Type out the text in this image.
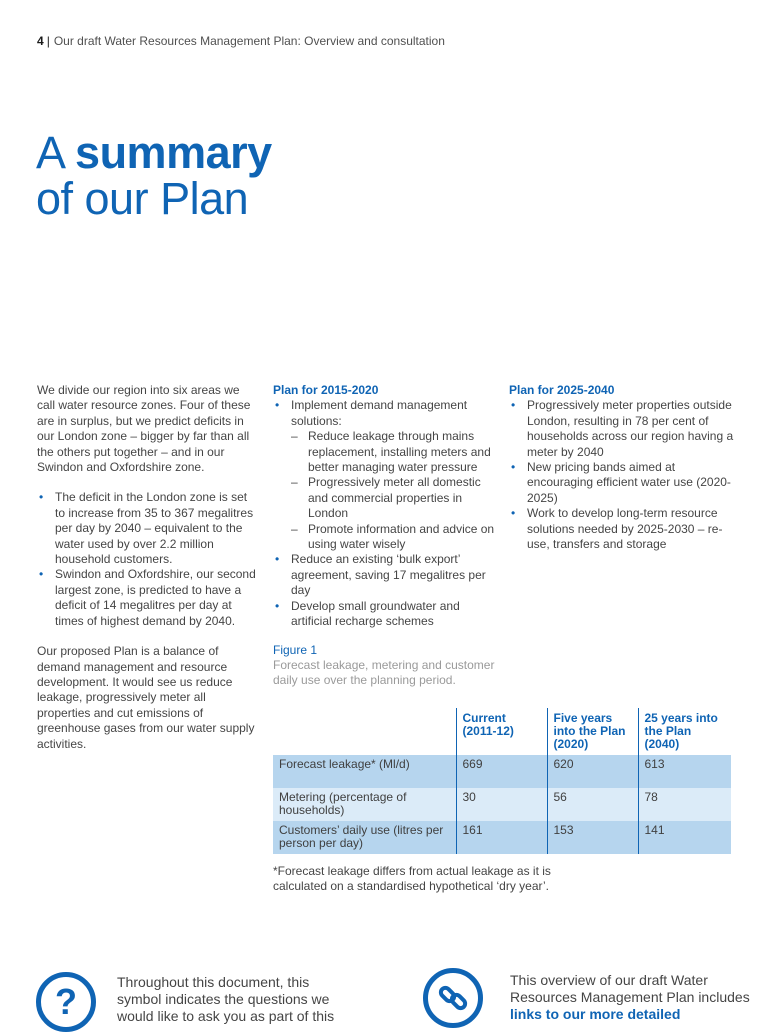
4 | Our draft Water Resources Management Plan: Overview and consultation
A summary
of our Plan

We divide our region into six areas we call water resource zones. Four of these are in surplus, but we predict deficits in our London zone – bigger by far than all the others put together – and in our Swindon and Oxfordshire zone.

• The deficit in the London zone is set to increase from 35 to 367 megalitres per day by 2040 – equivalent to the water used by over 2.2 million household customers.
• Swindon and Oxfordshire, our second largest zone, is predicted to have a deficit of 14 megalitres per day at times of highest demand by 2040.

Our proposed Plan is a balance of demand management and resource development. It would see us reduce leakage, progressively meter all properties and cut emissions of greenhouse gases from our water supply activities.

Plan for 2015-2020

• Implement demand management solutions:
– Reduce leakage through mains replacement, installing meters and better managing water pressure
– Progressively meter all domestic and commercial properties in London
– Promote information and advice on using water wisely
• Reduce an existing ‘bulk export’ agreement, saving 17 megalitres per day
• Develop small groundwater and artificial recharge schemes

Plan for 2025-2040

• Progressively meter properties outside London, resulting in 78 per cent of households across our region having a meter by 2040
• New pricing bands aimed at encouraging efficient water use (2020-2025)
• Work to develop long-term resource solutions needed by 2025-2030 – re-use, transfers and storage
Figure 1
Forecast leakage, metering and customer daily use over the planning period.
	Current (2011-12)	Five years into the Plan (2020)	25 years into the Plan (2040)
Forecast leakage* (Ml/d)	669	620	613
Metering (percentage of households)	30	56	78
Customers’ daily use (litres per person per day)	161	153	141
*Forecast leakage differs from actual leakage as it is calculated on a standardised hypothetical ‘dry year’.
?	Throughout this document, this symbol indicates the questions we would like to ask you as part of this
This overview of our draft Water Resources Management Plan includes links to our more detailed
